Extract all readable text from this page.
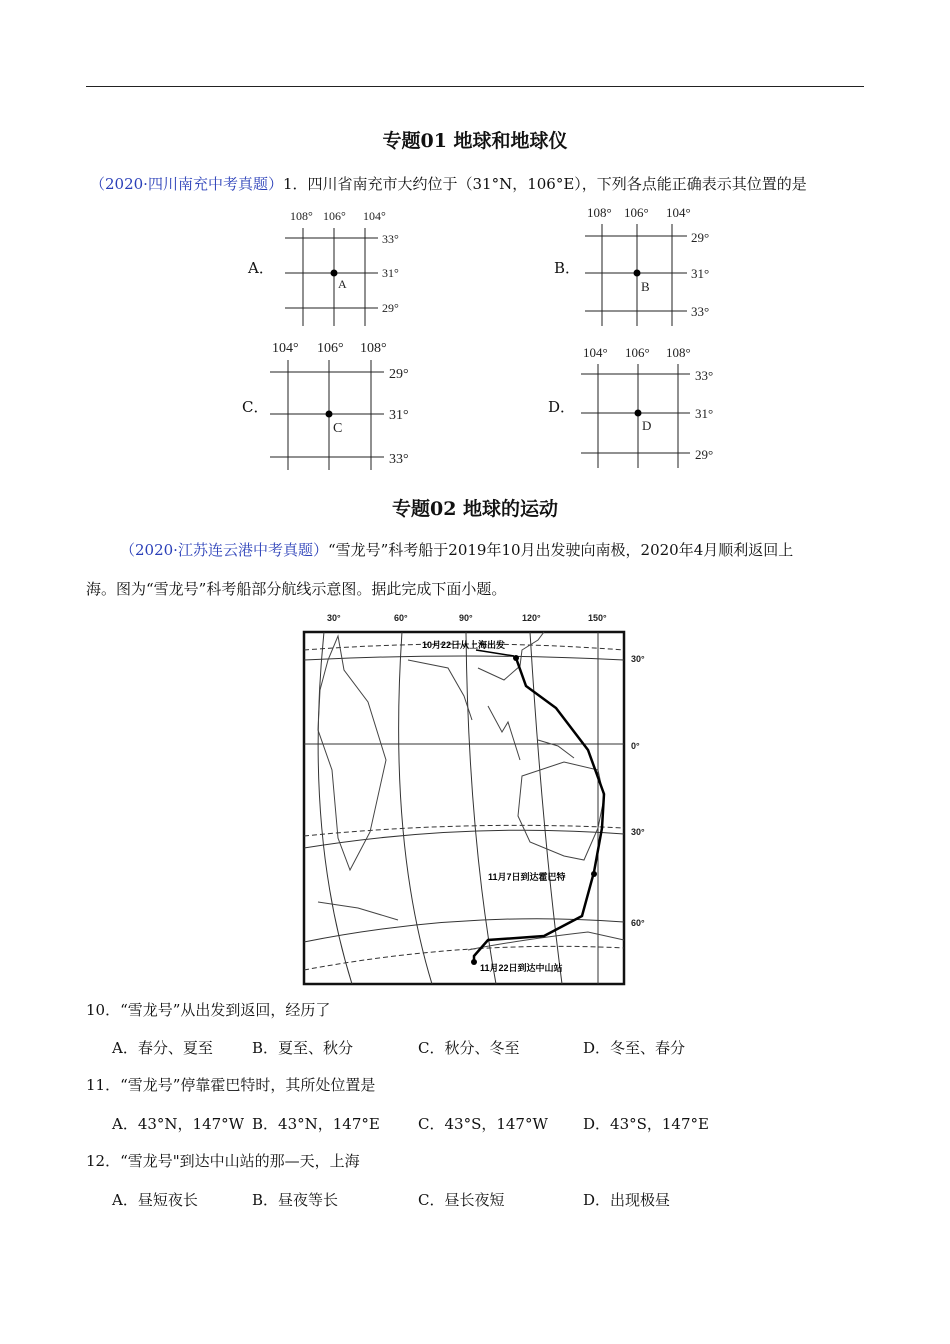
专题01 地球和地球仪
（2020·四川南充中考真题）1．四川省南充市大约位于（31°N，106°E），下列各点能正确表示其位置的是
A．
108° 106° 104°
33°
31°
29°
A
B．
108° 106° 104°
29°
31°
33°
B
C．
104° 106° 108°
29°
31°
33°
C
D．
104° 106° 108°
33°
31°
29°
D
专题02 地球的运动
（2020·江苏连云港中考真题）“雪龙号”科考船于2019年10月出发驶向南极，2020年4月顺利返回上
海。图为“雪龙号”科考船部分航线示意图。据此完成下面小题。
30°	60°	90°	120°	150°
30°
0°
30°
60°
10月22日从上海出发
11月7日到达霍巴特
11月22日到达中山站
10．“雪龙号”从出发到返回，经历了
A．春分、夏至	B．夏至、秋分	C．秋分、冬至	D．冬至、春分
11．“雪龙号”停靠霍巴特时，其所处位置是
A．43°N，147°W B．43°N，147°E	C．43°S，147°W D．43°S，147°E
12．“雪龙号"到达中山站的那—天，上海
A．昼短夜长	B．昼夜等长	C．昼长夜短	D．出现极昼
